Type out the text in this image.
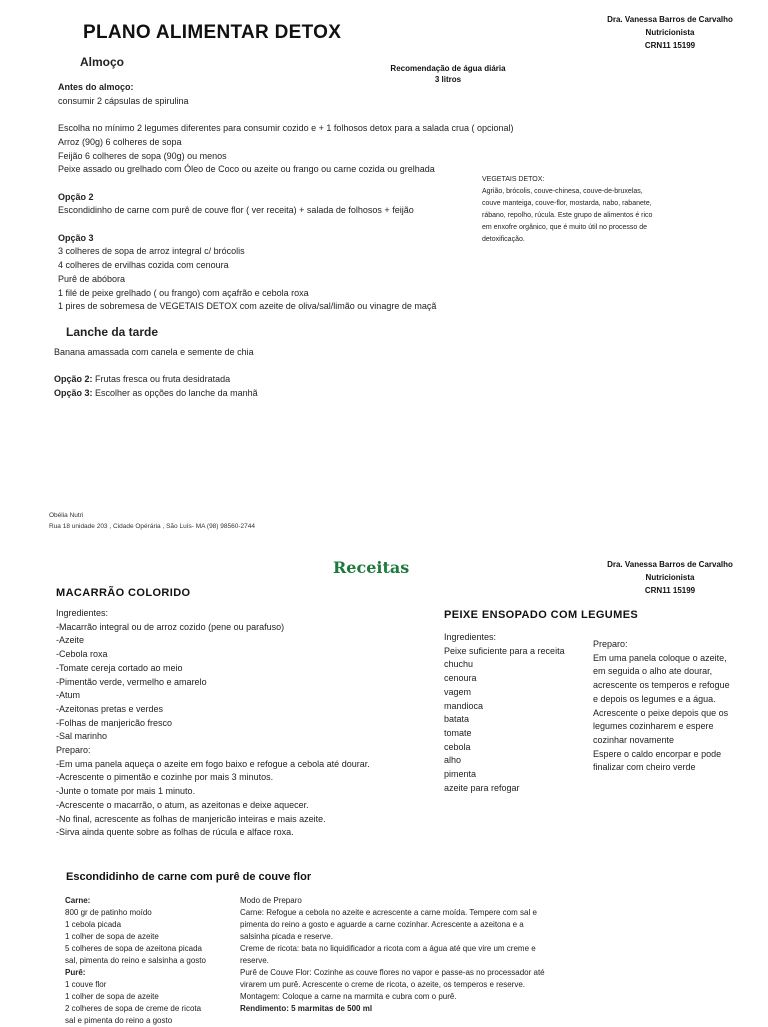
PLANO ALIMENTAR DETOX
Dra. Vanessa Barros de Carvalho
Nutricionista
CRN11 15199
Almoço	Recomendação de água diária
3 litros
Antes do almoço:
consumir 2 cápsulas de spirulina
Escolha no mínimo 2 legumes diferentes para consumir cozido e + 1 folhosos detox para a salada crua ( opcional)
Arroz (90g) 6 colheres de sopa
Feijão 6 colheres de sopa (90g) ou menos
Peixe assado ou grelhado com Óleo de Coco ou azeite ou frango ou carne cozida ou grelhada
Opção 2
Escondidinho de carne com purê de couve flor ( ver receita) + salada de folhosos + feijão
Opção 3
3 colheres de sopa de arroz integral c/ brócolis
4 colheres de ervilhas cozida com cenoura
Purê de abóbora
1 filé de peixe grelhado ( ou frango) com açafrão e cebola roxa
1 pires de sobremesa de VEGETAIS DETOX com azeite de oliva/sal/limão ou vinagre de maçã
VEGETAIS DETOX:
Agrião, brócolis, couve-chinesa, couve-de-bruxelas,
couve manteiga, couve-flor, mostarda, nabo, rabanete,
rábano, repolho, rúcula. Este grupo de alimentos é rico
em enxofre orgânico, que é muito útil no processo de
detoxificação.
Lanche da tarde
Banana amassada com canela e semente de chia
Opção 2: Frutas fresca ou fruta desidratada
Opção 3: Escolher as opções do lanche da manhã
Obélia Nutri
Rua 18 unidade 203 , Cidade Opérária , São Luís- MA (98) 98560-2744
Receitas	Dra. Vanessa Barros de Carvalho
Nutricionista
CRN11 15199
MACARRÃO COLORIDO
Ingredientes:
-Macarrão integral ou de arroz cozido (pene ou parafuso)
-Azeite
-Cebola roxa
-Tomate cereja cortado ao meio
-Pimentão verde, vermelho e amarelo
-Atum
-Azeitonas pretas e verdes
-Folhas de manjericão fresco
-Sal marinho
Preparo:
-Em uma panela aqueça o azeite em fogo baixo e refogue a cebola até dourar.
-Acrescente o pimentão e cozinhe por mais 3 minutos.
-Junte o tomate por mais 1 minuto.
-Acrescente o macarrão, o atum, as azeitonas e deixe aquecer.
-No final, acrescente as folhas de manjericão inteiras e mais azeite.
-Sirva ainda quente sobre as folhas de rúcula e alface roxa.
PEIXE ENSOPADO COM LEGUMES
Ingredientes:
Peixe suficiente para a receita
chuchu
cenoura
vagem
mandioca
batata
tomate
cebola
alho
pimenta
azeite para refogar
Preparo:
Em uma panela coloque o azeite,
em seguida o alho ate dourar,
acrescente os temperos e refogue
e depois os legumes e a água.
Acrescente o peixe depois que os
legumes cozinharem e espere
cozinhar novamente
Espere o caldo encorpar e pode
finalizar com cheiro verde
Escondidinho de carne com purê de couve flor
Carne:
800 gr de patinho moído
1 cebola picada
1 colher de sopa de azeite
5 colheres de sopa de azeitona picada
sal, pimenta do reino e salsinha a gosto
Purê:
1 couve flor
1 colher de sopa de azeite
2 colheres de sopa de creme de ricota
sal e pimenta do reino a gosto
Modo de Preparo
Carne: Refogue a cebola no azeite e acrescente a carne moída. Tempere com sal e
pimenta do reino a gosto e aguarde a carne cozinhar. Acrescente a azeitona e a
salsinha picada e reserve.
Creme de ricota: bata no liquidificador a ricota com a água até que vire um creme e
reserve.
Purê de Couve Flor: Cozinhe as couve flores no vapor e passe-as no processador até
virarem um purê. Acrescente o creme de ricota, o azeite, os temperos e reserve.
Montagem: Coloque a carne na marmita e cubra com o purê.
Rendimento: 5 marmitas de 500 ml
